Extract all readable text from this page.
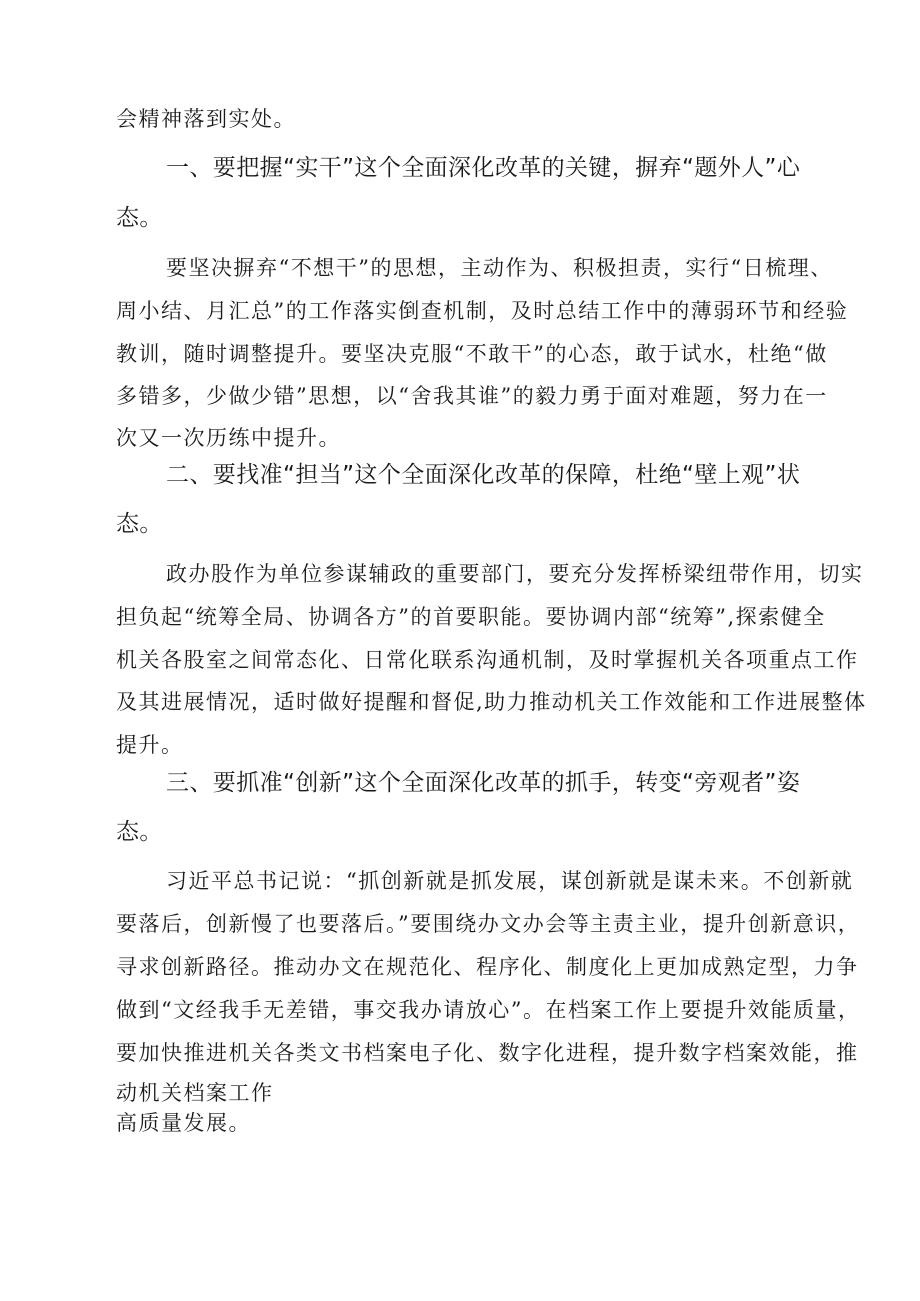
会精神落到实处。
一、要把握“实干”这个全面深化改革的关键，摒弃“题外人”心
态。
要坚决摒弃“不想干”的思想，主动作为、积极担责，实行“日梳理、
周小结、月汇总”的工作落实倒查机制，及时总结工作中的薄弱环节和经验
教训，随时调整提升。要坚决克服“不敢干”的心态，敢于试水，杜绝“做
多错多，少做少错”思想，以“舍我其谁”的毅力勇于面对难题，努力在一
次又一次历练中提升。
二、要找准“担当”这个全面深化改革的保障，杜绝“壁上观”状
态。
政办股作为单位参谋辅政的重要部门，要充分发挥桥梁纽带作用，切实
担负起“统筹全局、协调各方”的首要职能。要协调内部“统筹”,探索健全
机关各股室之间常态化、日常化联系沟通机制，及时掌握机关各项重点工作
及其进展情况，适时做好提醒和督促,助力推动机关工作效能和工作进展整体
提升。
三、要抓准“创新”这个全面深化改革的抓手，转变“旁观者”姿
态。
习近平总书记说：“抓创新就是抓发展，谋创新就是谋未来。不创新就
要落后，创新慢了也要落后。”要围绕办文办会等主责主业，提升创新意识，
寻求创新路径。推动办文在规范化、程序化、制度化上更加成熟定型，力争
做到“文经我手无差错，事交我办请放心”。在档案工作上要提升效能质量，
要加快推进机关各类文书档案电子化、数字化进程，提升数字档案效能，推
动机关档案工作
高质量发展。
